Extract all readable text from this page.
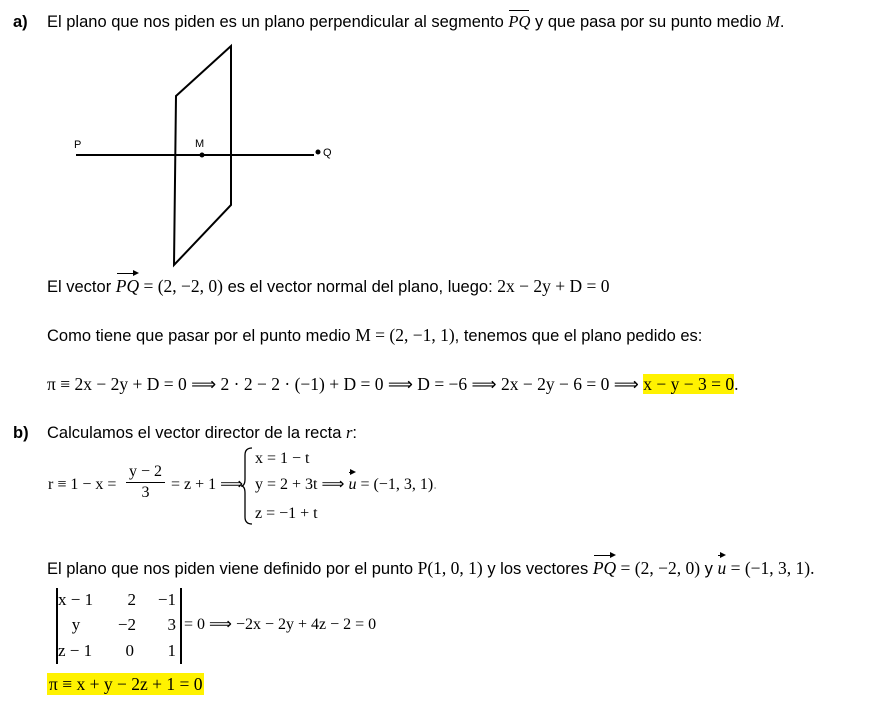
a) El plano que nos piden es un plano perpendicular al segmento PQ y que pasa por su punto medio M.
P	M
Q
El vector PQ = (2, −2, 0) es el vector normal del plano, luego: 2x − 2y + D = 0
Como tiene que pasar por el punto medio M = (2, −1, 1), tenemos que el plano pedido es:
π ≡ 2x − 2y + D = 0 ⟹ 2 · 2 − 2 · (−1) + D = 0 ⟹ D = −6 ⟹ 2x − 2y − 6 = 0 ⟹ x − y − 3 = 0.
b) Calculamos el vector director de la recta r:
$r \equiv 1 - x = \frac{y - 2}{3} = z + 1$ ⟹
x = 1 − t
y = 2 + 3t ⟹ u = (−1, 3, 1).
z = −1 + t
El plano que nos piden viene definido por el punto P(1, 0, 1) y los vectores PQ = (2, −2, 0) y u = (−1, 3, 1).
x − 1	2	−1
y	−2	3
z − 1	0	1
= 0 ⟹ −2x − 2y + 4z − 2 = 0
π ≡ x + y − 2z + 1 = 0
